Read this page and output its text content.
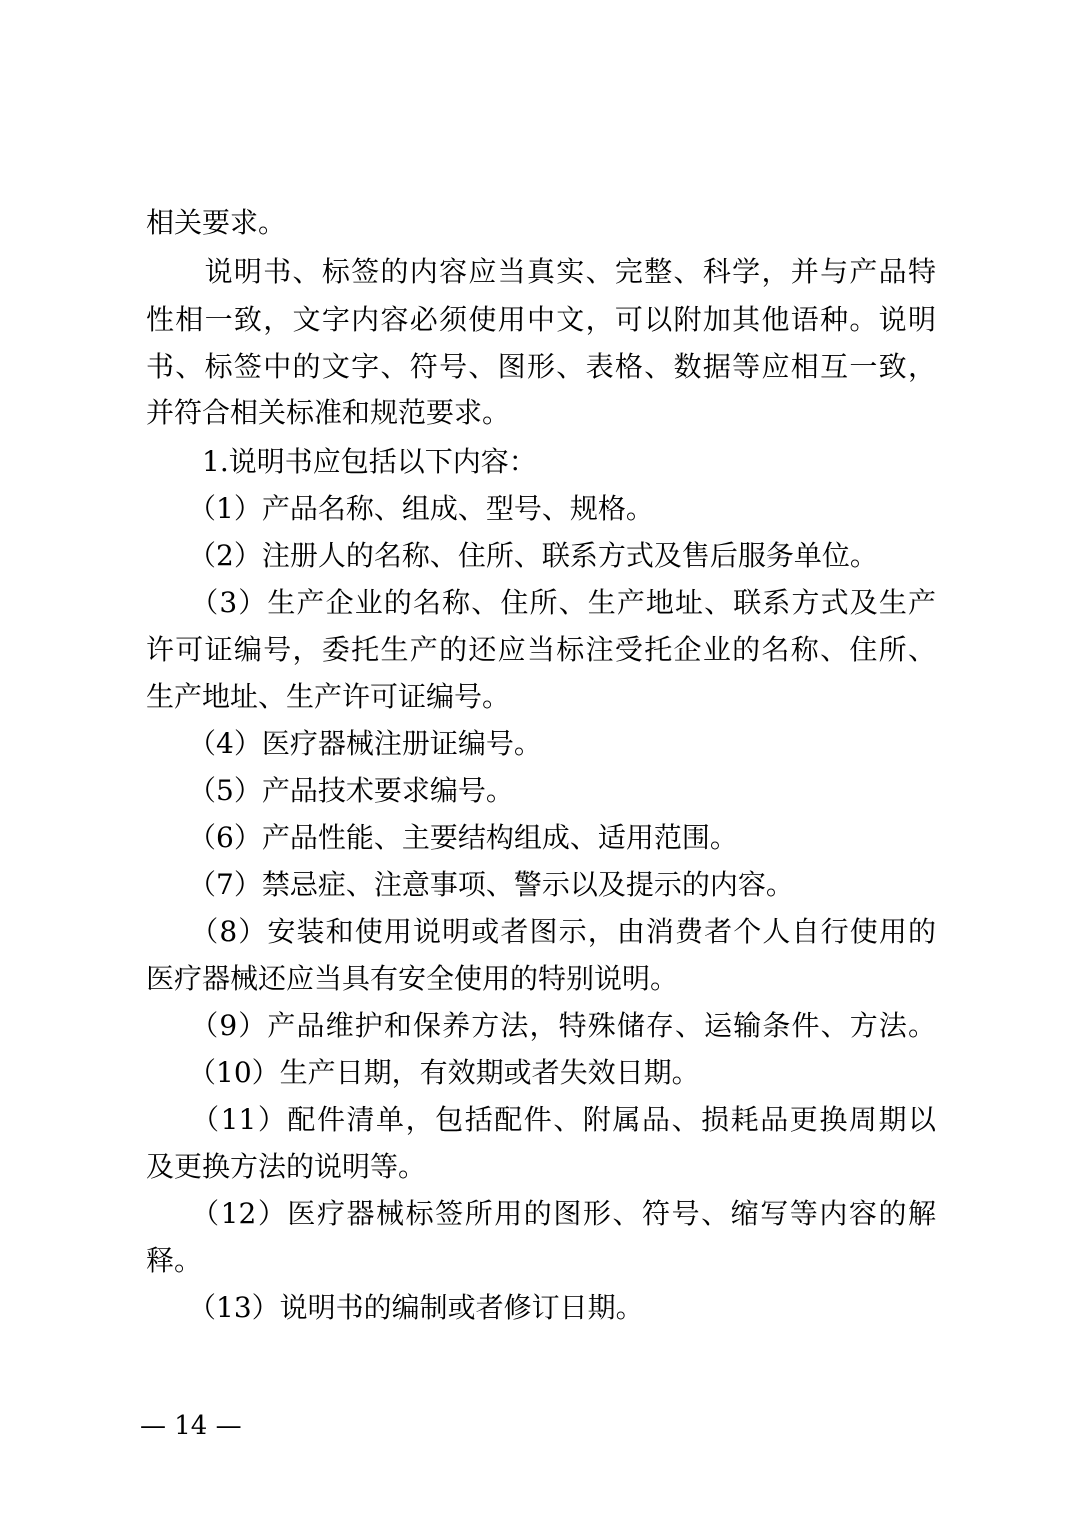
相关要求。
　　说明书、标签的内容应当真实、完整、科学，并与产品特
性相一致，文字内容必须使用中文，可以附加其他语种。说明
书、标签中的文字、符号、图形、表格、数据等应相互一致，
并符合相关标准和规范要求。
　　1.说明书应包括以下内容：
　　（1）产品名称、组成、型号、规格。
　　（2）注册人的名称、住所、联系方式及售后服务单位。
　　（3）生产企业的名称、住所、生产地址、联系方式及生产
许可证编号，委托生产的还应当标注受托企业的名称、住所、
生产地址、生产许可证编号。
　　（4）医疗器械注册证编号。
　　（5）产品技术要求编号。
　　（6）产品性能、主要结构组成、适用范围。
　　（7）禁忌症、注意事项、警示以及提示的内容。
　　（8）安装和使用说明或者图示，由消费者个人自行使用的
医疗器械还应当具有安全使用的特别说明。
　　（9）产品维护和保养方法，特殊储存、运输条件、方法。
　　（10）生产日期，有效期或者失效日期。
　　（11）配件清单，包括配件、附属品、损耗品更换周期以
及更换方法的说明等。
　　（12）医疗器械标签所用的图形、符号、缩写等内容的解
释。
　　（13）说明书的编制或者修订日期。
— 14 —
